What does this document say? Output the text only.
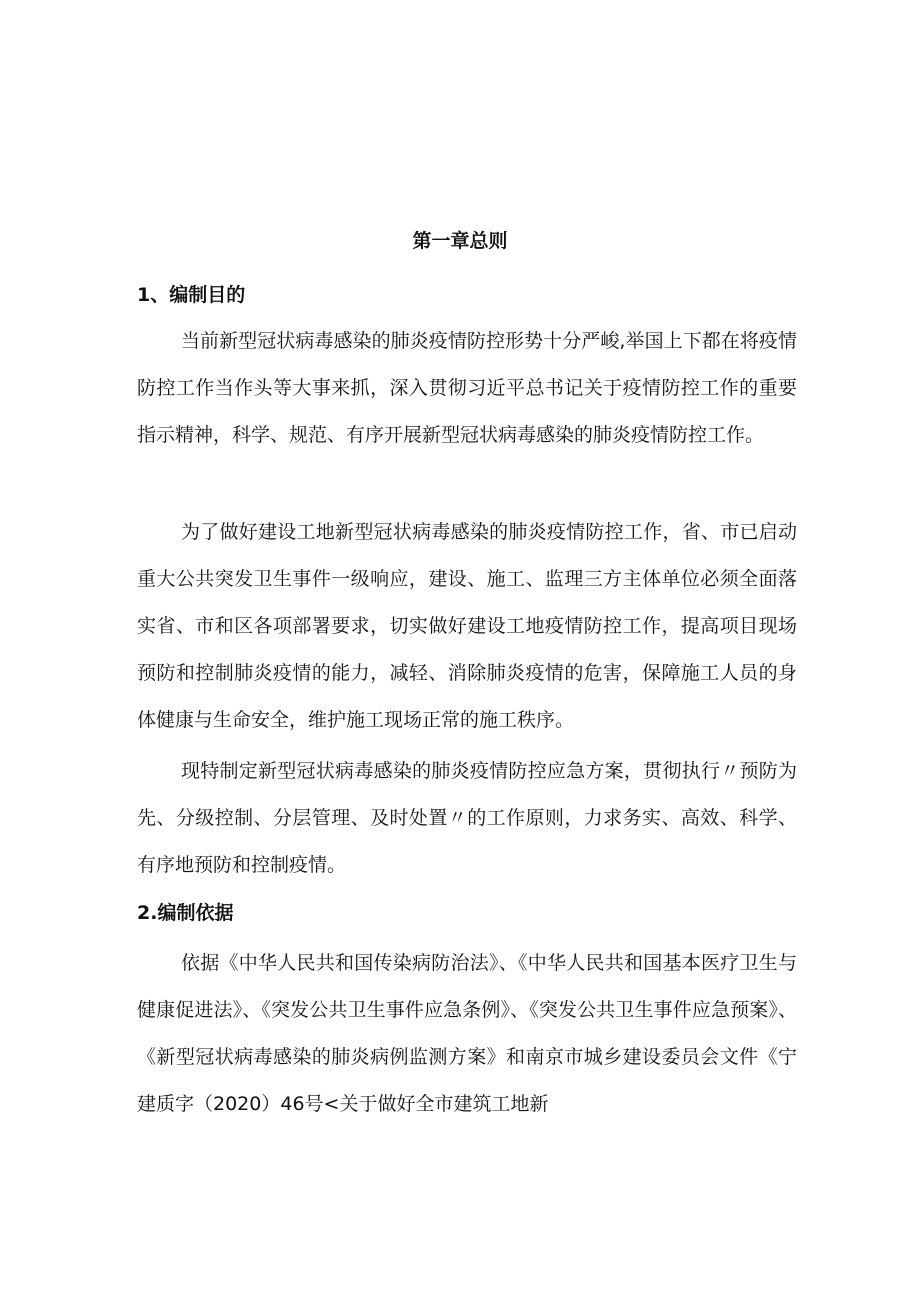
第一章总则
1、编制目的

当前新型冠状病毒感染的肺炎疫情防控形势十分严峻,举国上下都在将疫情防控工作当作头等大事来抓，深入贯彻习近平总书记关于疫情防控工作的重要指示精神，科学、规范、有序开展新型冠状病毒感染的肺炎疫情防控工作。

为了做好建设工地新型冠状病毒感染的肺炎疫情防控工作，省、市已启动重大公共突发卫生事件一级响应，建设、施工、监理三方主体单位必须全面落实省、市和区各项部署要求，切实做好建设工地疫情防控工作，提高项目现场预防和控制肺炎疫情的能力，减轻、消除肺炎疫情的危害，保障施工人员的身体健康与生命安全，维护施工现场正常的施工秩序。

现特制定新型冠状病毒感染的肺炎疫情防控应急方案，贯彻执行〃预防为先、分级控制、分层管理、及时处置〃的工作原则，力求务实、高效、科学、有序地预防和控制疫情。

2.编制依据

依据《中华人民共和国传染病防治法》、《中华人民共和国基本医疗卫生与健康促进法》、《突发公共卫生事件应急条例》、《突发公共卫生事件应急预案》、《新型冠状病毒感染的肺炎病例监测方案》和南京市城乡建设委员会文件《宁建质字（2020）46号<关于做好全市建筑工地新
